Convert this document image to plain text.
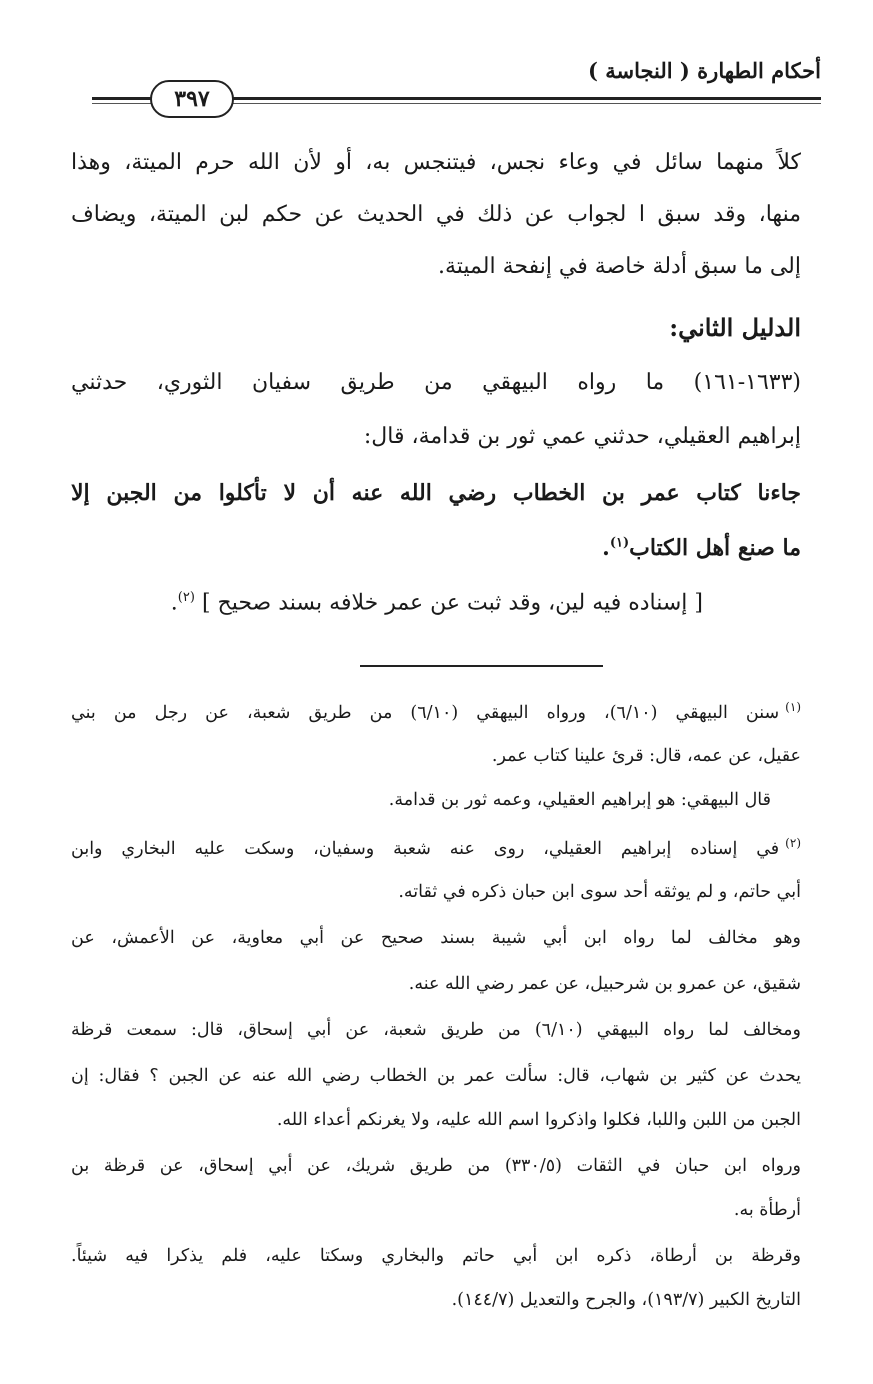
أحكام الطهارة ( النجاسة )
٣٩٧

كلاً منهما سائل في وعاء نجس، فيتنجس به، أو لأن الله حرم الميتة، وهذا

منها، وقد سبق ا لجواب عن ذلك في الحديث عن حكم لبن الميتة، ويضاف

إلى ما سبق أدلة خاصة في إنفحة الميتة.

الدليل الثاني:

(١٦٣٣-١٦١) ما رواه البيهقي من طريق سفيان الثوري، حدثني

إبراهيم العقيلي، حدثني عمي ثور بن قدامة، قال:

جاءنا كتاب عمر بن الخطاب رضي الله عنه أن لا تأكلوا من الجبن إلا

ما صنع أهل الكتاب$^{(١)}$.

[ إسناده فيه لين، وقد ثبت عن عمر خلافه بسند صحيح ] $^{(٢)}$.

$^{(١)}$سنن البيهقي (٦/١٠)، ورواه البيهقي (٦/١٠) من طريق شعبة، عن رجل من بني

عقيل، عن عمه، قال: قرئ علينا كتاب عمر.

قال البيهقي: هو إبراهيم العقيلي، وعمه ثور بن قدامة.

$^{(٢)}$في إسناده إبراهيم العقيلي، روى عنه شعبة وسفيان، وسكت عليه البخاري وابن

أبي حاتم، و لم يوثقه أحد سوى ابن حبان ذكره في ثقاته.

وهو مخالف لما رواه ابن أبي شيبة بسند صحيح عن أبي معاوية، عن الأعمش، عن

شقيق، عن عمرو بن شرحبيل، عن عمر رضي الله عنه.

ومخالف لما رواه البيهقي (٦/١٠) من طريق شعبة، عن أبي إسحاق، قال: سمعت قرظة

يحدث عن كثير بن شهاب، قال: سألت عمر بن الخطاب رضي الله عنه عن الجبن ؟ فقال: إن

الجبن من اللبن واللبا، فكلوا واذكروا اسم الله عليه، ولا يغرنكم أعداء الله.

ورواه ابن حبان في الثقات (٣٣٠/٥) من طريق شريك، عن أبي إسحاق، عن قرظة بن

أرطأة به.

وقرظة بن أرطاة، ذكره ابن أبي حاتم والبخاري وسكتا عليه، فلم يذكرا فيه شيئاً.

التاريخ الكبير (١٩٣/٧)، والجرح والتعديل (١٤٤/٧).
